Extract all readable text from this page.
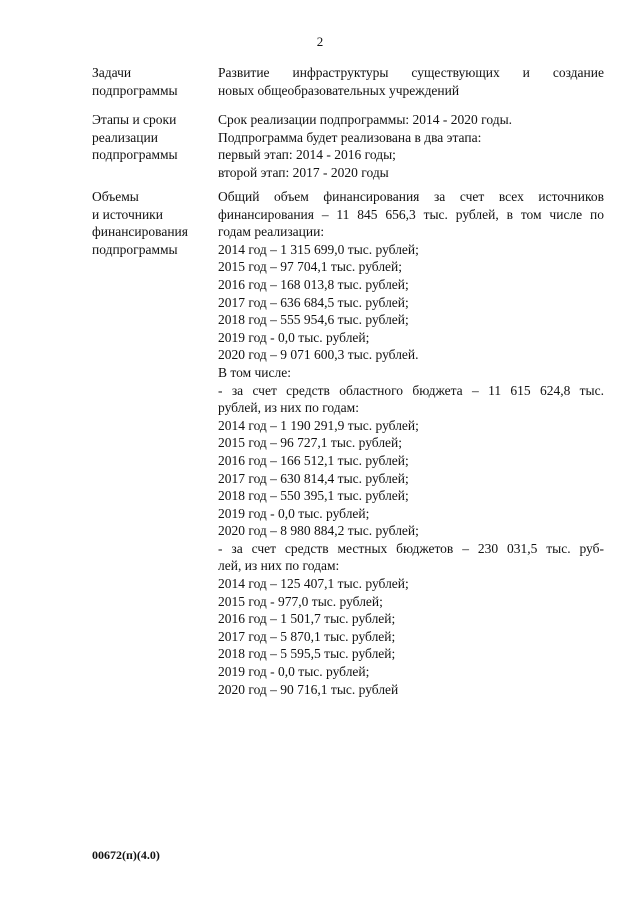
2
Задачи
подпрограммы
Развитие инфраструктуры существующих и создание
новых общеобразовательных учреждений
Этапы и сроки
реализации
подпрограммы
Срок реализации подпрограммы: 2014 - 2020 годы.
Подпрограмма будет реализована в два этапа:
первый этап: 2014 - 2016 годы;
второй этап: 2017 - 2020 годы
Объемы
и источники
финансирования
подпрограммы
Общий объем финансирования за счет всех источников
финансирования – 11 845 656,3 тыс. рублей, в том числе по
годам реализации:
2014 год – 1 315 699,0 тыс. рублей;
2015 год – 97 704,1 тыс. рублей;
2016 год – 168 013,8 тыс. рублей;
2017 год – 636 684,5 тыс. рублей;
2018 год – 555 954,6 тыс. рублей;
2019 год - 0,0 тыс. рублей;
2020 год – 9 071 600,3 тыс. рублей.
В том числе:
- за счет средств областного бюджета – 11 615 624,8 тыс.
рублей, из них по годам:
2014 год – 1 190 291,9 тыс. рублей;
2015 год – 96 727,1 тыс. рублей;
2016 год – 166 512,1 тыс. рублей;
2017 год – 630 814,4 тыс. рублей;
2018 год – 550 395,1 тыс. рублей;
2019 год - 0,0 тыс. рублей;
2020 год – 8 980 884,2 тыс. рублей;
- за счет средств местных бюджетов – 230 031,5 тыс. руб-
лей, из них по годам:
2014 год – 125 407,1 тыс. рублей;
2015 год - 977,0 тыс. рублей;
2016 год – 1 501,7 тыс. рублей;
2017 год – 5 870,1 тыс. рублей;
2018 год – 5 595,5 тыс. рублей;
2019 год - 0,0 тыс. рублей;
2020 год – 90 716,1 тыс. рублей
00672(п)(4.0)
